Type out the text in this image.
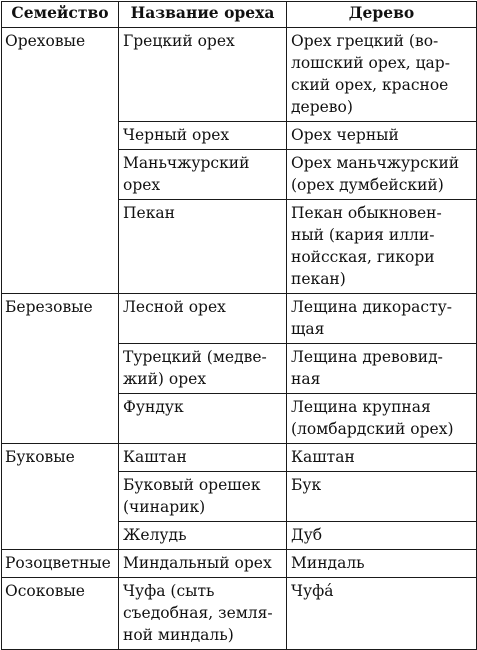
Семейство	Название ореха	Дерево
Ореховые	Грецкий орех	Орех грецкий (во-лошский орех, цар-ский орех, красное дерево)
	Черный орех	Орех черный
	Маньчжурский орех	Орех маньчжурский (орех думбейский)
	Пекан	Пекан обыкновен-ный (кария илли-нойсская, гикори пекан)
Березовые	Лесной орех	Лещина дикорасту-щая
	Турецкий (медве-жий) орех	Лещина древовид-ная
	Фундук	Лещина крупная (ломбардский орех)
Буковые	Каштан	Каштан
	Буковый орешек (чинарик)	Бук
	Желудь	Дуб
Розоцветные	Миндальный орех	Миндаль
Осоковые	Чуфа (сыть съедобная, земля-ной миндаль)	Чуфа́
